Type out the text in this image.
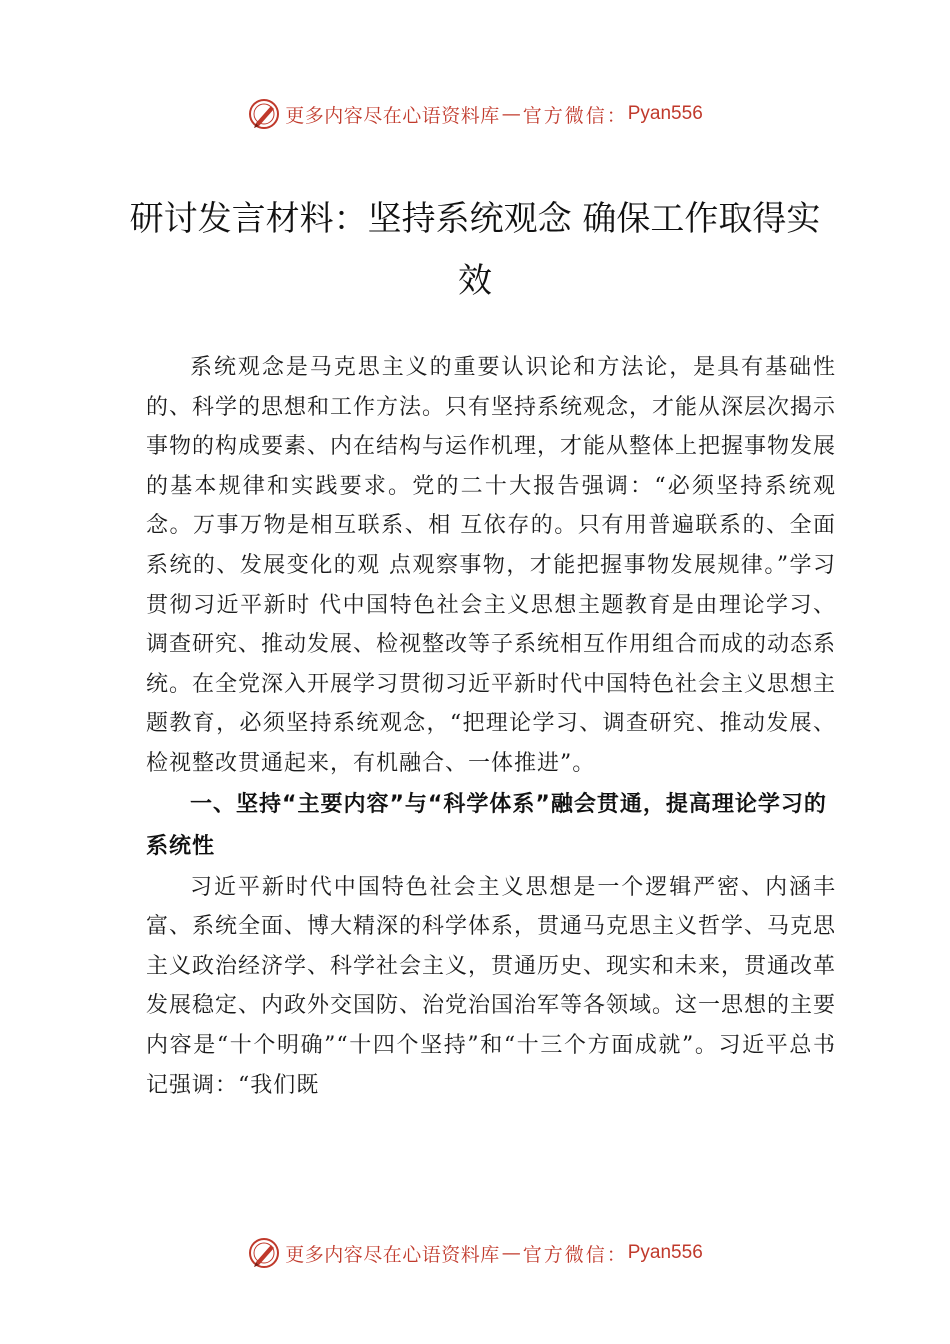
更多内容尽在心语资料库 — 官方微信： Pyan556
研讨发言材料：坚持系统观念 确保工作取得实效

系统观念是马克思主义的重要认识论和方法论，是具有基础性的、科学的思想和工作方法。只有坚持系统观念，才能从深层次揭示事物的构成要素、内在结构与运作机理，才能从整体上把握事物发展的基本规律和实践要求。党的二十大报告强调：“必须坚持系统观念。万事万物是相互联系、相 互依存的。只有用普遍联系的、全面系统的、发展变化的观 点观察事物，才能把握事物发展规律。”学习贯彻习近平新时 代中国特色社会主义思想主题教育是由理论学习、调查研究、推动发展、检视整改等子系统相互作用组合而成的动态系统。在全党深入开展学习贯彻习近平新时代中国特色社会主义思想主题教育，必须坚持系统观念，“把理论学习、调查研究、推动发展、检视整改贯通起来，有机融合、一体推进”。

一、坚持“主要内容”与“科学体系”融会贯通，提高理论学习的系统性

习近平新时代中国特色社会主义思想是一个逻辑严密、内涵丰富、系统全面、博大精深的科学体系，贯通马克思主义哲学、马克思主义政治经济学、科学社会主义，贯通历史、现实和未来，贯通改革发展稳定、内政外交国防、治党治国治军等各领域。这一思想的主要内容是“十个明确”“十四个坚持”和“十三个方面成就”。习近平总书记强调：“我们既

更多内容尽在心语资料库 — 官方微信： Pyan556
